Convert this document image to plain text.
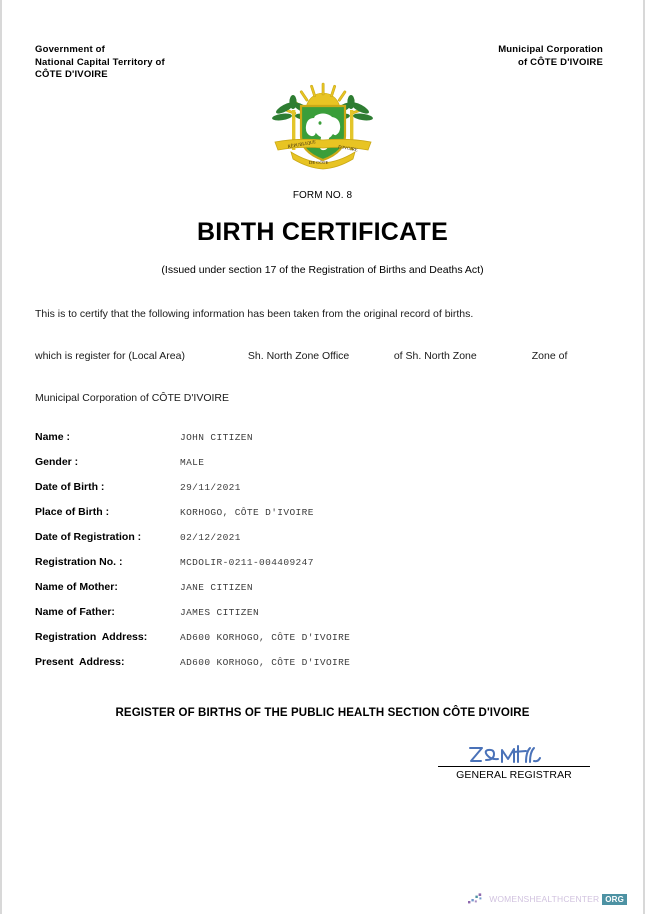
Government of
National Capital Territory of
CÔTE D'IVOIRE
Municipal Corporation
of CÔTE D'IVOIRE
RÉPUBLIQUE	D'IVOIRE
DE CÔTE
FORM NO. 8
BIRTH CERTIFICATE
(Issued under section 17 of the Registration of Births and Deaths Act)
This is to certify that the following information has been taken from the original record of births.
which is register for (Local Area)	Sh. North Zone Office	of Sh. North Zone	Zone of
Municipal Corporation of CÔTE D'IVOIRE
Name :	JOHN CITIZEN
Gender :	MALE
Date of Birth :	29/11/2021
Place of Birth :	KORHOGO, CÔTE D'IVOIRE
Date of Registration :	02/12/2021
Registration No. :	MCDOLIR-0211-004409247
Name of Mother:	JANE CITIZEN
Name of Father:	JAMES CITIZEN
Registration  Address:	AD600 KORHOGO, CÔTE D'IVOIRE
Present  Address:	AD600 KORHOGO, CÔTE D'IVOIRE
REGISTER OF BIRTHS OF THE PUBLIC HEALTH SECTION CÔTE D'IVOIRE
GENERAL REGISTRAR
WOMENSHEALTHCENTER ORG
